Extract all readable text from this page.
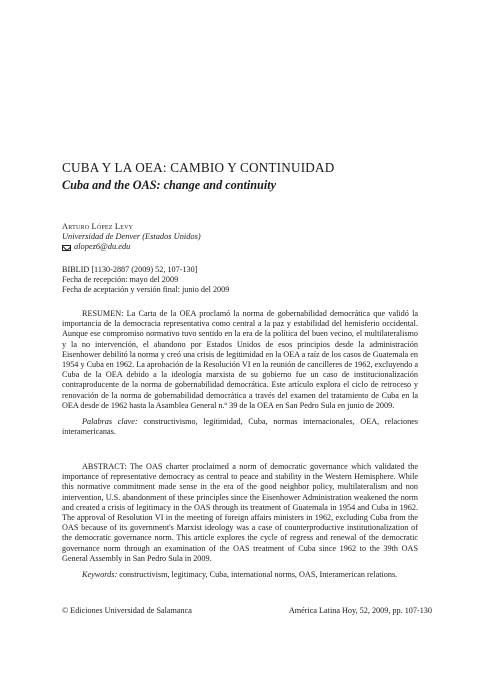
CUBA Y LA OEA: CAMBIO Y CONTINUIDAD
Cuba and the OAS: change and continuity
Arturo López Levy
Universidad de Denver (Estados Unidos)
alopez6@du.edu
BIBLID [1130-2887 (2009) 52, 107-130]
Fecha de recepción: mayo del 2009
Fecha de aceptación y versión final: junio del 2009

RESUMEN: La Carta de la OEA proclamó la norma de gobernabilidad democrática que validó la importancia de la democracia representativa como central a la paz y estabilidad del hemisferio occidental. Aunque ese compromiso normativo tuvo sentido en la era de la política del buen vecino, el multilateralismo y la no intervención, el abandono por Estados Unidos de esos principios desde la administración Eisenhower debilitó la norma y creó una crisis de legitimidad en la OEA a raíz de los casos de Guatemala en 1954 y Cuba en 1962. La aprobación de la Resolución VI en la reunión de cancilleres de 1962, excluyendo a Cuba de la OEA debido a la ideología marxista de su gobierno fue un caso de institucionalización contraproducente de la norma de gobernabilidad democrática. Este artículo explora el ciclo de retroceso y renovación de la norma de gobernabilidad democrática a través del examen del tratamiento de Cuba en la OEA desde de 1962 hasta la Asamblea General n.º 39 de la OEA en San Pedro Sula en junio de 2009.

Palabras clave: constructivismo, legitimidad, Cuba, normas internacionales, OEA, relaciones interamericanas.

ABSTRACT: The OAS charter proclaimed a norm of democratic governance which validated the importance of representative democracy as central to peace and stability in the Western Hemisphere. While this normative commitment made sense in the era of the good neighbor policy, multilateralism and non intervention, U.S. abandonment of these principles since the Eisenhower Administration weakened the norm and created a crisis of legitimacy in the OAS through its treatment of Guatemala in 1954 and Cuba in 1962. The approval of Resolution VI in the meeting of foreign affairs ministers in 1962, excluding Cuba from the OAS because of its government's Marxist ideology was a case of counterproductive institutionalization of the democratic governance norm. This article explores the cycle of regress and renewal of the democratic governance norm through an examination of the OAS treatment of Cuba since 1962 to the 39th OAS General Assembly in San Pedro Sula in 2009.

Keywords: constructivism, legitimacy, Cuba, international norms, OAS, Interamerican relations.

© Ediciones Universidad de Salamanca	América Latina Hoy, 52, 2009, pp. 107-130
